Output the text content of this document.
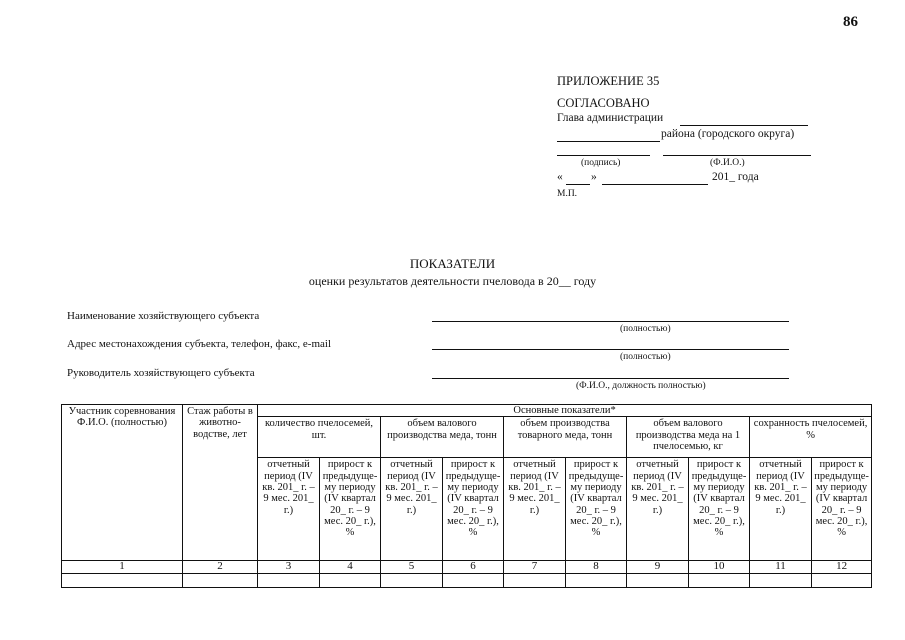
86
ПРИЛОЖЕНИЕ 35
СОГЛАСОВАНО
Глава администрации
района (городского округа)
(подпись)	(Ф.И.О.)
« »	201_ года
М.П.
ПОКАЗАТЕЛИ
оценки результатов деятельности пчеловода в 20__ году
Наименование хозяйствующего субъекта
(полностью)
Адрес местонахождения субъекта, телефон, факс, e-mail
(полностью)
Руководитель хозяйствующего субъекта
(Ф.И.О., должность полностью)
Участник соревнования Ф.И.О. (полностью)	Стаж работы в животно-водстве, лет	Основные показатели*									
		количество пчелосемей, шт.		объем валового производства меда, тонн		объем производства товарного меда, тонн		объем валового производства меда на 1 пчелосемью, кг		сохранность пчелосемей, %	
		отчетный период (IV кв. 201_ г. – 9 мес. 201_ г.)	прирост к предыдуще-му периоду (IV квартал 20_ г. – 9 мес. 20_ г.), %	отчетный период (IV кв. 201_ г. – 9 мес. 201_ г.)	прирост к предыдуще-му периоду (IV квартал 20_ г. – 9 мес. 20_ г.), %	отчетный период (IV кв. 201_ г. – 9 мес. 201_ г.)	прирост к предыдуще-му периоду (IV квартал 20_ г. – 9 мес. 20_ г.), %	отчетный период (IV кв. 201_ г. – 9 мес. 201_ г.)	прирост к предыдуще-му периоду (IV квартал 20_ г. – 9 мес. 20_ г.), %	отчетный период (IV кв. 201_ г. – 9 мес. 201_ г.)	прирост к предыдуще-му периоду (IV квартал 20_ г. – 9 мес. 20_ г.), %
1	2	3	4	5	6	7	8	9	10	11	12
